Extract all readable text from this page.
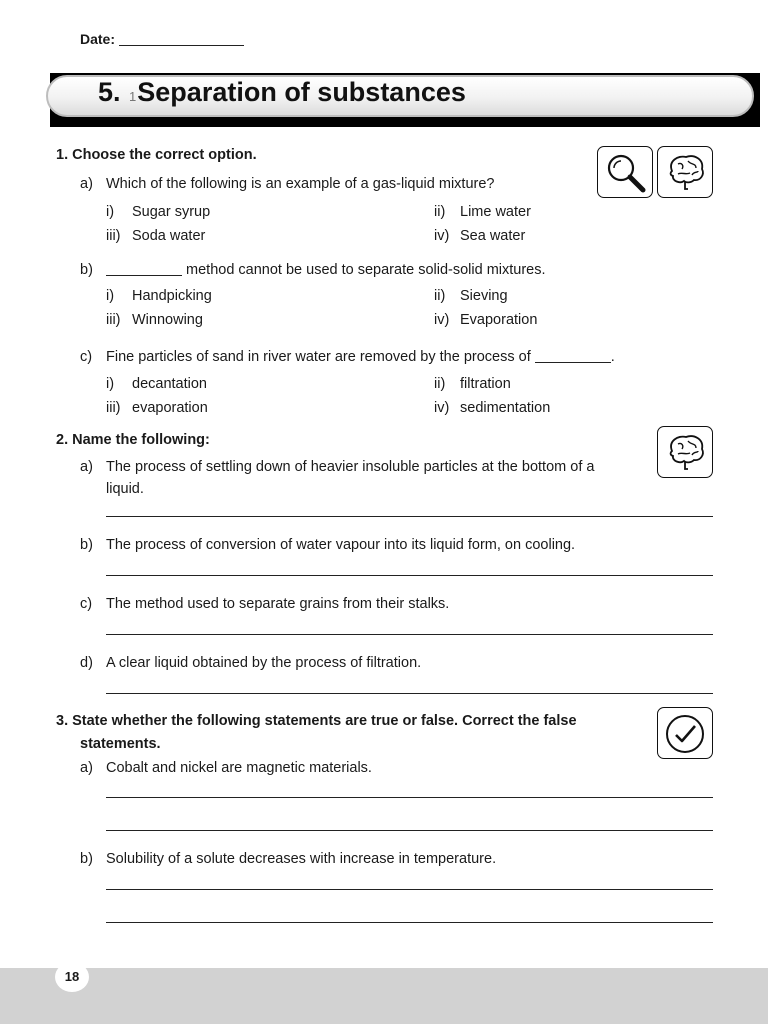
Date:
5. 1Separation of substances
1. Choose the correct option.
a) Which of the following is an example of a gas-liquid mixture?
i) Sugar syrup	ii) Lime water
iii) Soda water	iv) Sea water
b)	method cannot be used to separate solid-solid mixtures.
i) Handpicking	ii) Sieving
iii) Winnowing	iv) Evaporation
c) Fine particles of sand in river water are removed by the process of	.
i) decantation	ii) filtration
iii) evaporation	iv) sedimentation
2. Name the following:
a) The process of settling down of heavier insoluble particles at the bottom of a
liquid.
b) The process of conversion of water vapour into its liquid form, on cooling.
c) The method used to separate grains from their stalks.
d) A clear liquid obtained by the process of filtration.
3. State whether the following statements are true or false. Correct the false
statements.
a) Cobalt and nickel are magnetic materials.
b) Solubility of a solute decreases with increase in temperature.
18
